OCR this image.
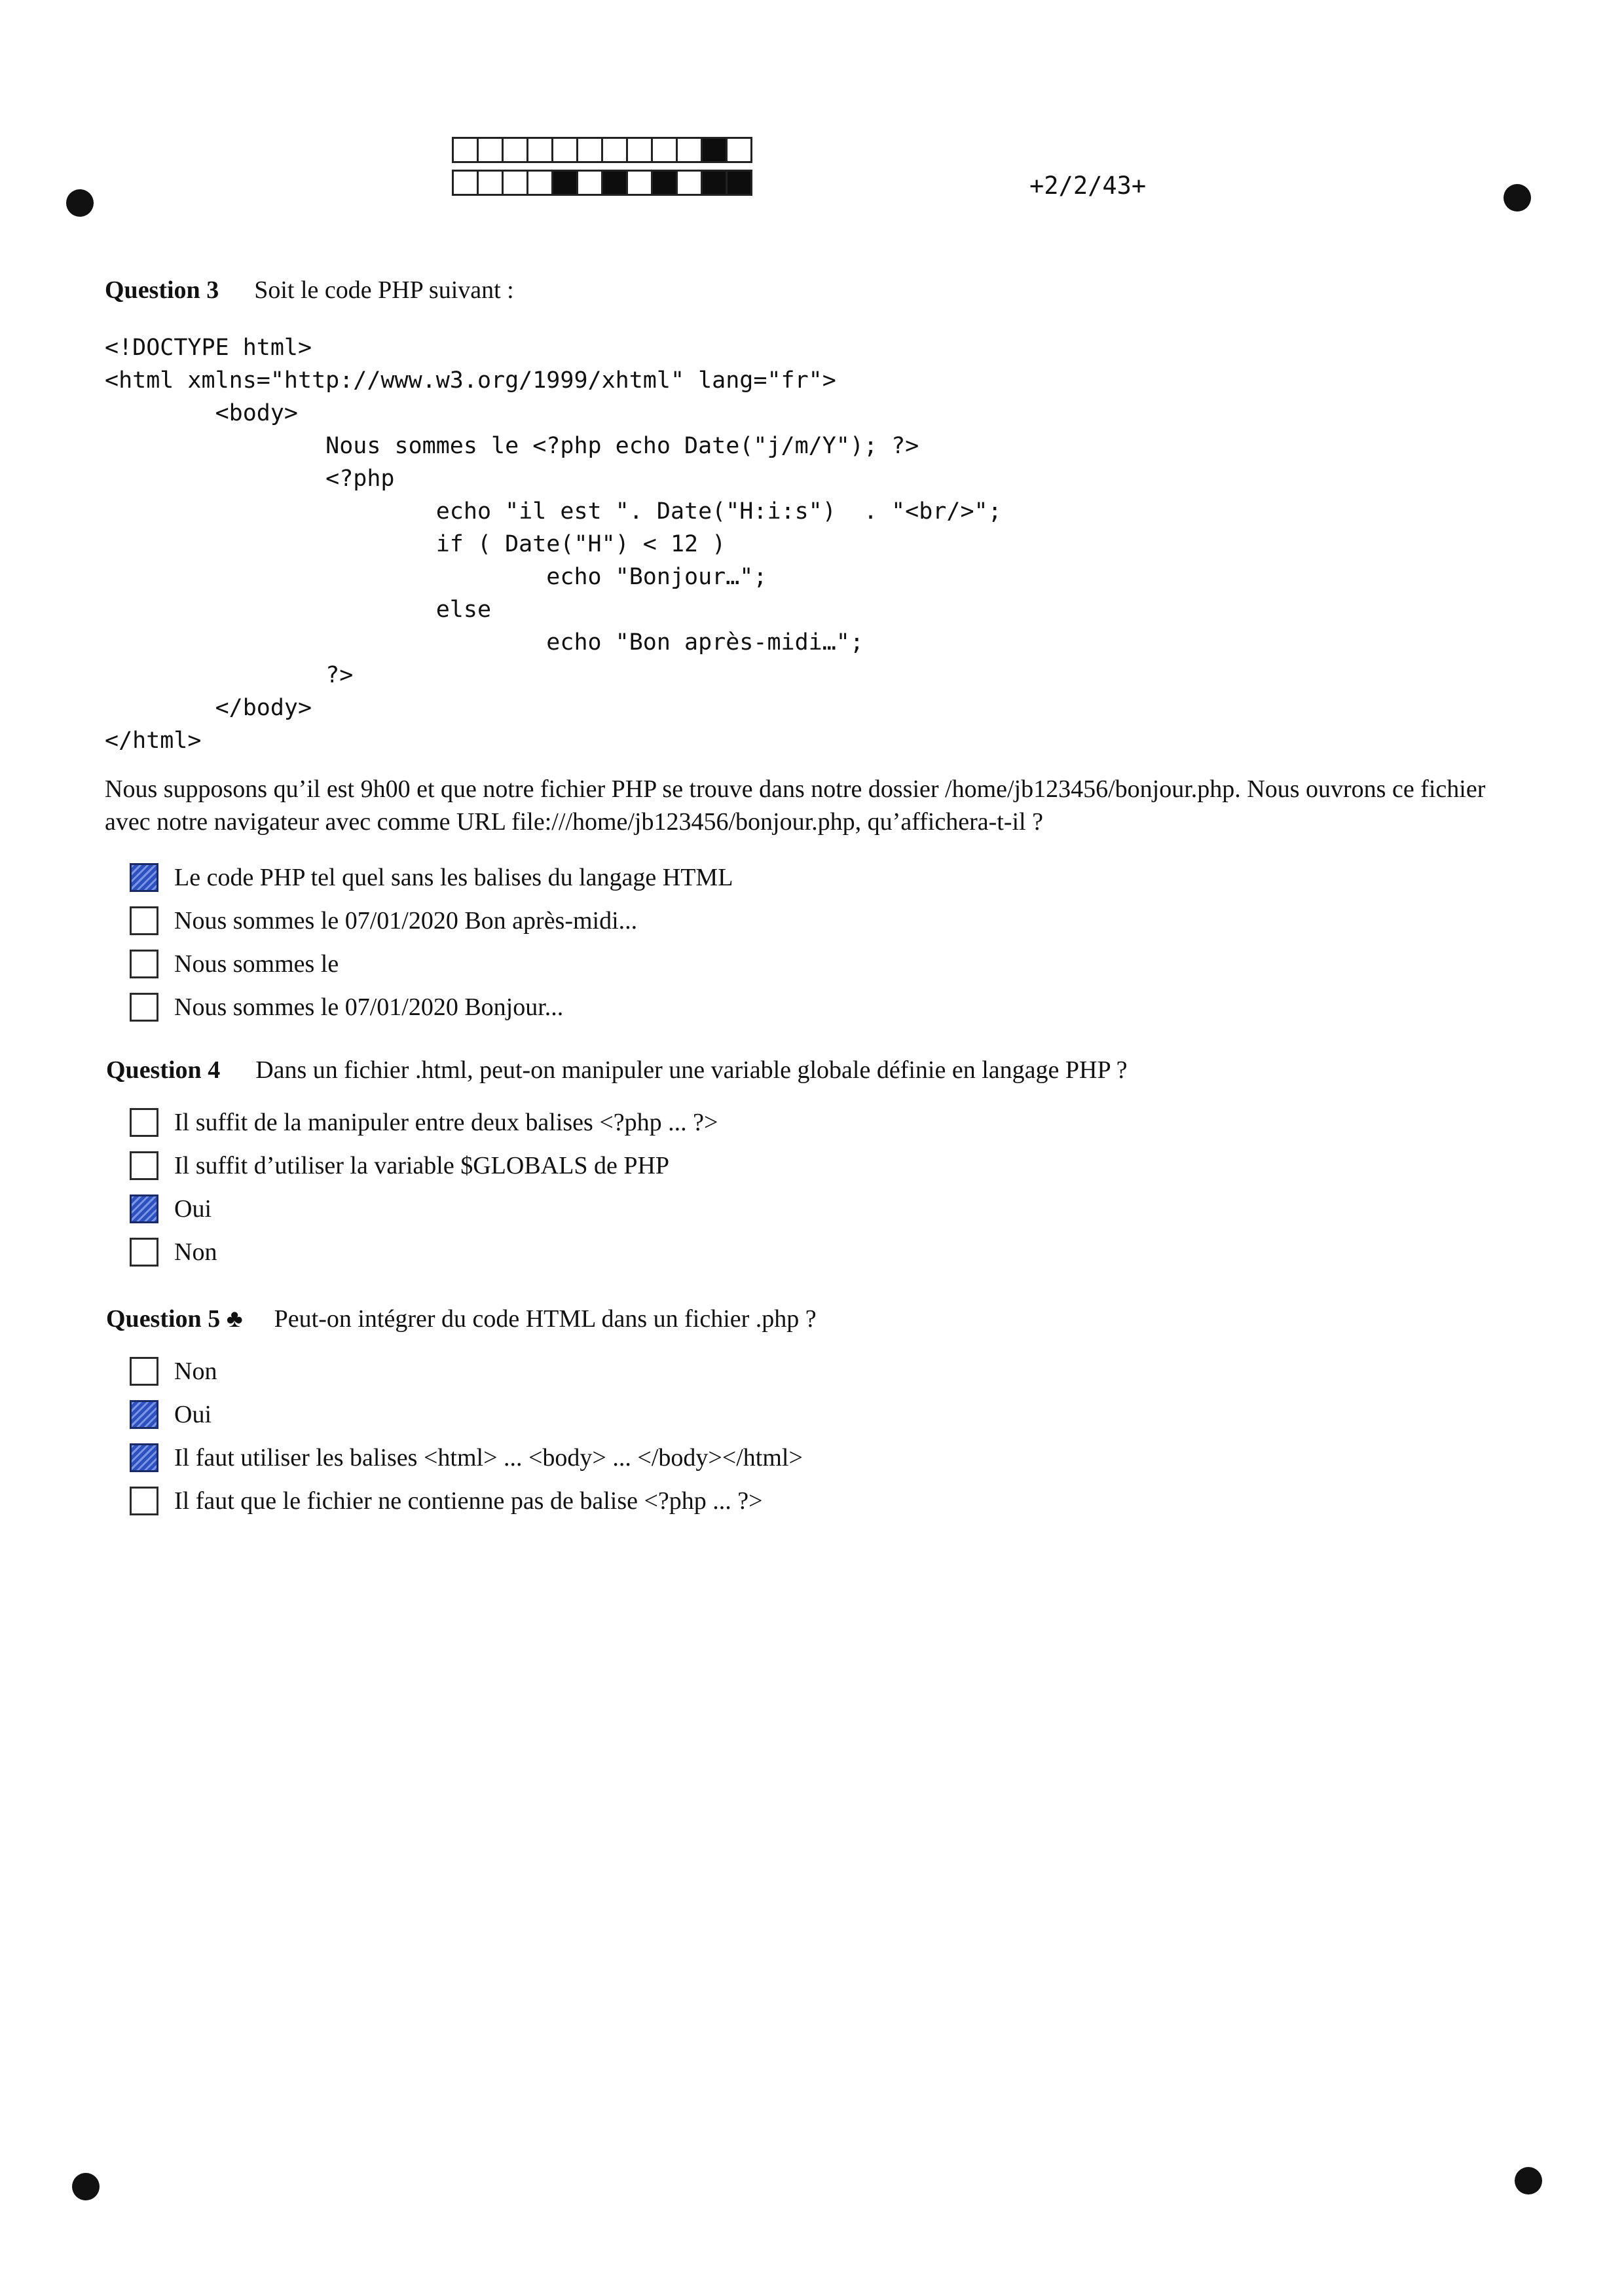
+2/2/43+
Question 3 Soit le code PHP suivant :
<!DOCTYPE html>
<html xmlns="http://www.w3.org/1999/xhtml" lang="fr">
<body>
Nous sommes le <?php echo Date("j/m/Y"); ?>
<?php
echo "il est ". Date("H:i:s")  . "<br/>";
if ( Date("H") < 12 )
echo "Bonjour…";
else
echo "Bon après-midi…";
?>
</body>
</html>
Nous supposons qu’il est 9h00 et que notre fichier PHP se trouve dans notre dossier /home/jb123456/bonjour.php. Nous ouvrons ce fichier avec notre navigateur avec comme URL file:///home/jb123456/bonjour.php, qu’affichera-t-il ?
Le code PHP tel quel sans les balises du langage HTML
Nous sommes le 07/01/2020 Bon après-midi...
Nous sommes le
Nous sommes le 07/01/2020 Bonjour...
Question 4 Dans un fichier .html, peut-on manipuler une variable globale définie en langage PHP ?
Il suffit de la manipuler entre deux balises <?php ... ?>
Il suffit d’utiliser la variable $GLOBALS de PHP
Oui
Non
Question 5 ♣ Peut-on intégrer du code HTML dans un fichier .php ?
Non
Oui
Il faut utiliser les balises <html> ... <body> ... </body></html>
Il faut que le fichier ne contienne pas de balise <?php ... ?>
